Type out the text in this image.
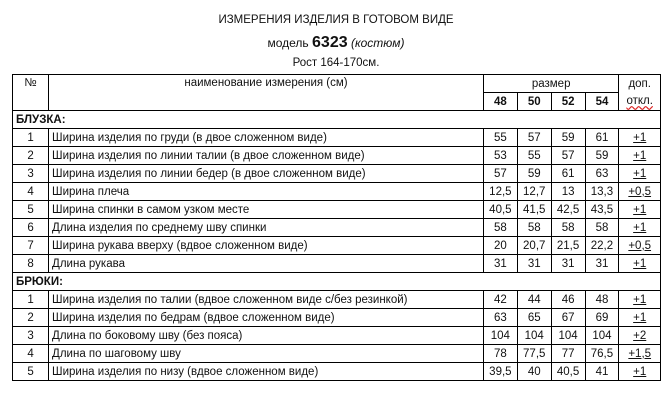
ИЗМЕРЕНИЯ ИЗДЕЛИЯ В ГОТОВОМ ВИДЕ
модель 6323 (костюм)
Рост 164-170см.
№	наименование измерения (см)	размер				доп.
		48	50	52	54	откл.
БЛУЗКА:						
1	Ширина изделия по груди (в двое сложенном виде)	55	57	59	61	+1
2	Ширина изделия по линии талии (в двое сложенном виде)	53	55	57	59	+1
3	Ширина изделия по линии бедер (в двое сложенном виде)	57	59	61	63	+1
4	Ширина плеча	12,5	12,7	13	13,3	+0,5
5	Ширина спинки в самом узком месте	40,5	41,5	42,5	43,5	+1
6	Длина изделия по среднему шву спинки	58	58	58	58	+1
7	Ширина рукава вверху (вдвое сложенном виде)	20	20,7	21,5	22,2	+0,5
8	Длина рукава	31	31	31	31	+1
БРЮКИ:						
1	Ширина изделия по талии (вдвое сложенном виде с/без резинкой)	42	44	46	48	+1
2	Ширина изделия по бедрам (вдвое сложенном виде)	63	65	67	69	+1
3	Длина по боковому шву (без пояса)	104	104	104	104	+2
4	Длина по шаговому шву	78	77,5	77	76,5	+1,5
5	Ширина изделия по низу (вдвое сложенном виде)	39,5	40	40,5	41	+1
